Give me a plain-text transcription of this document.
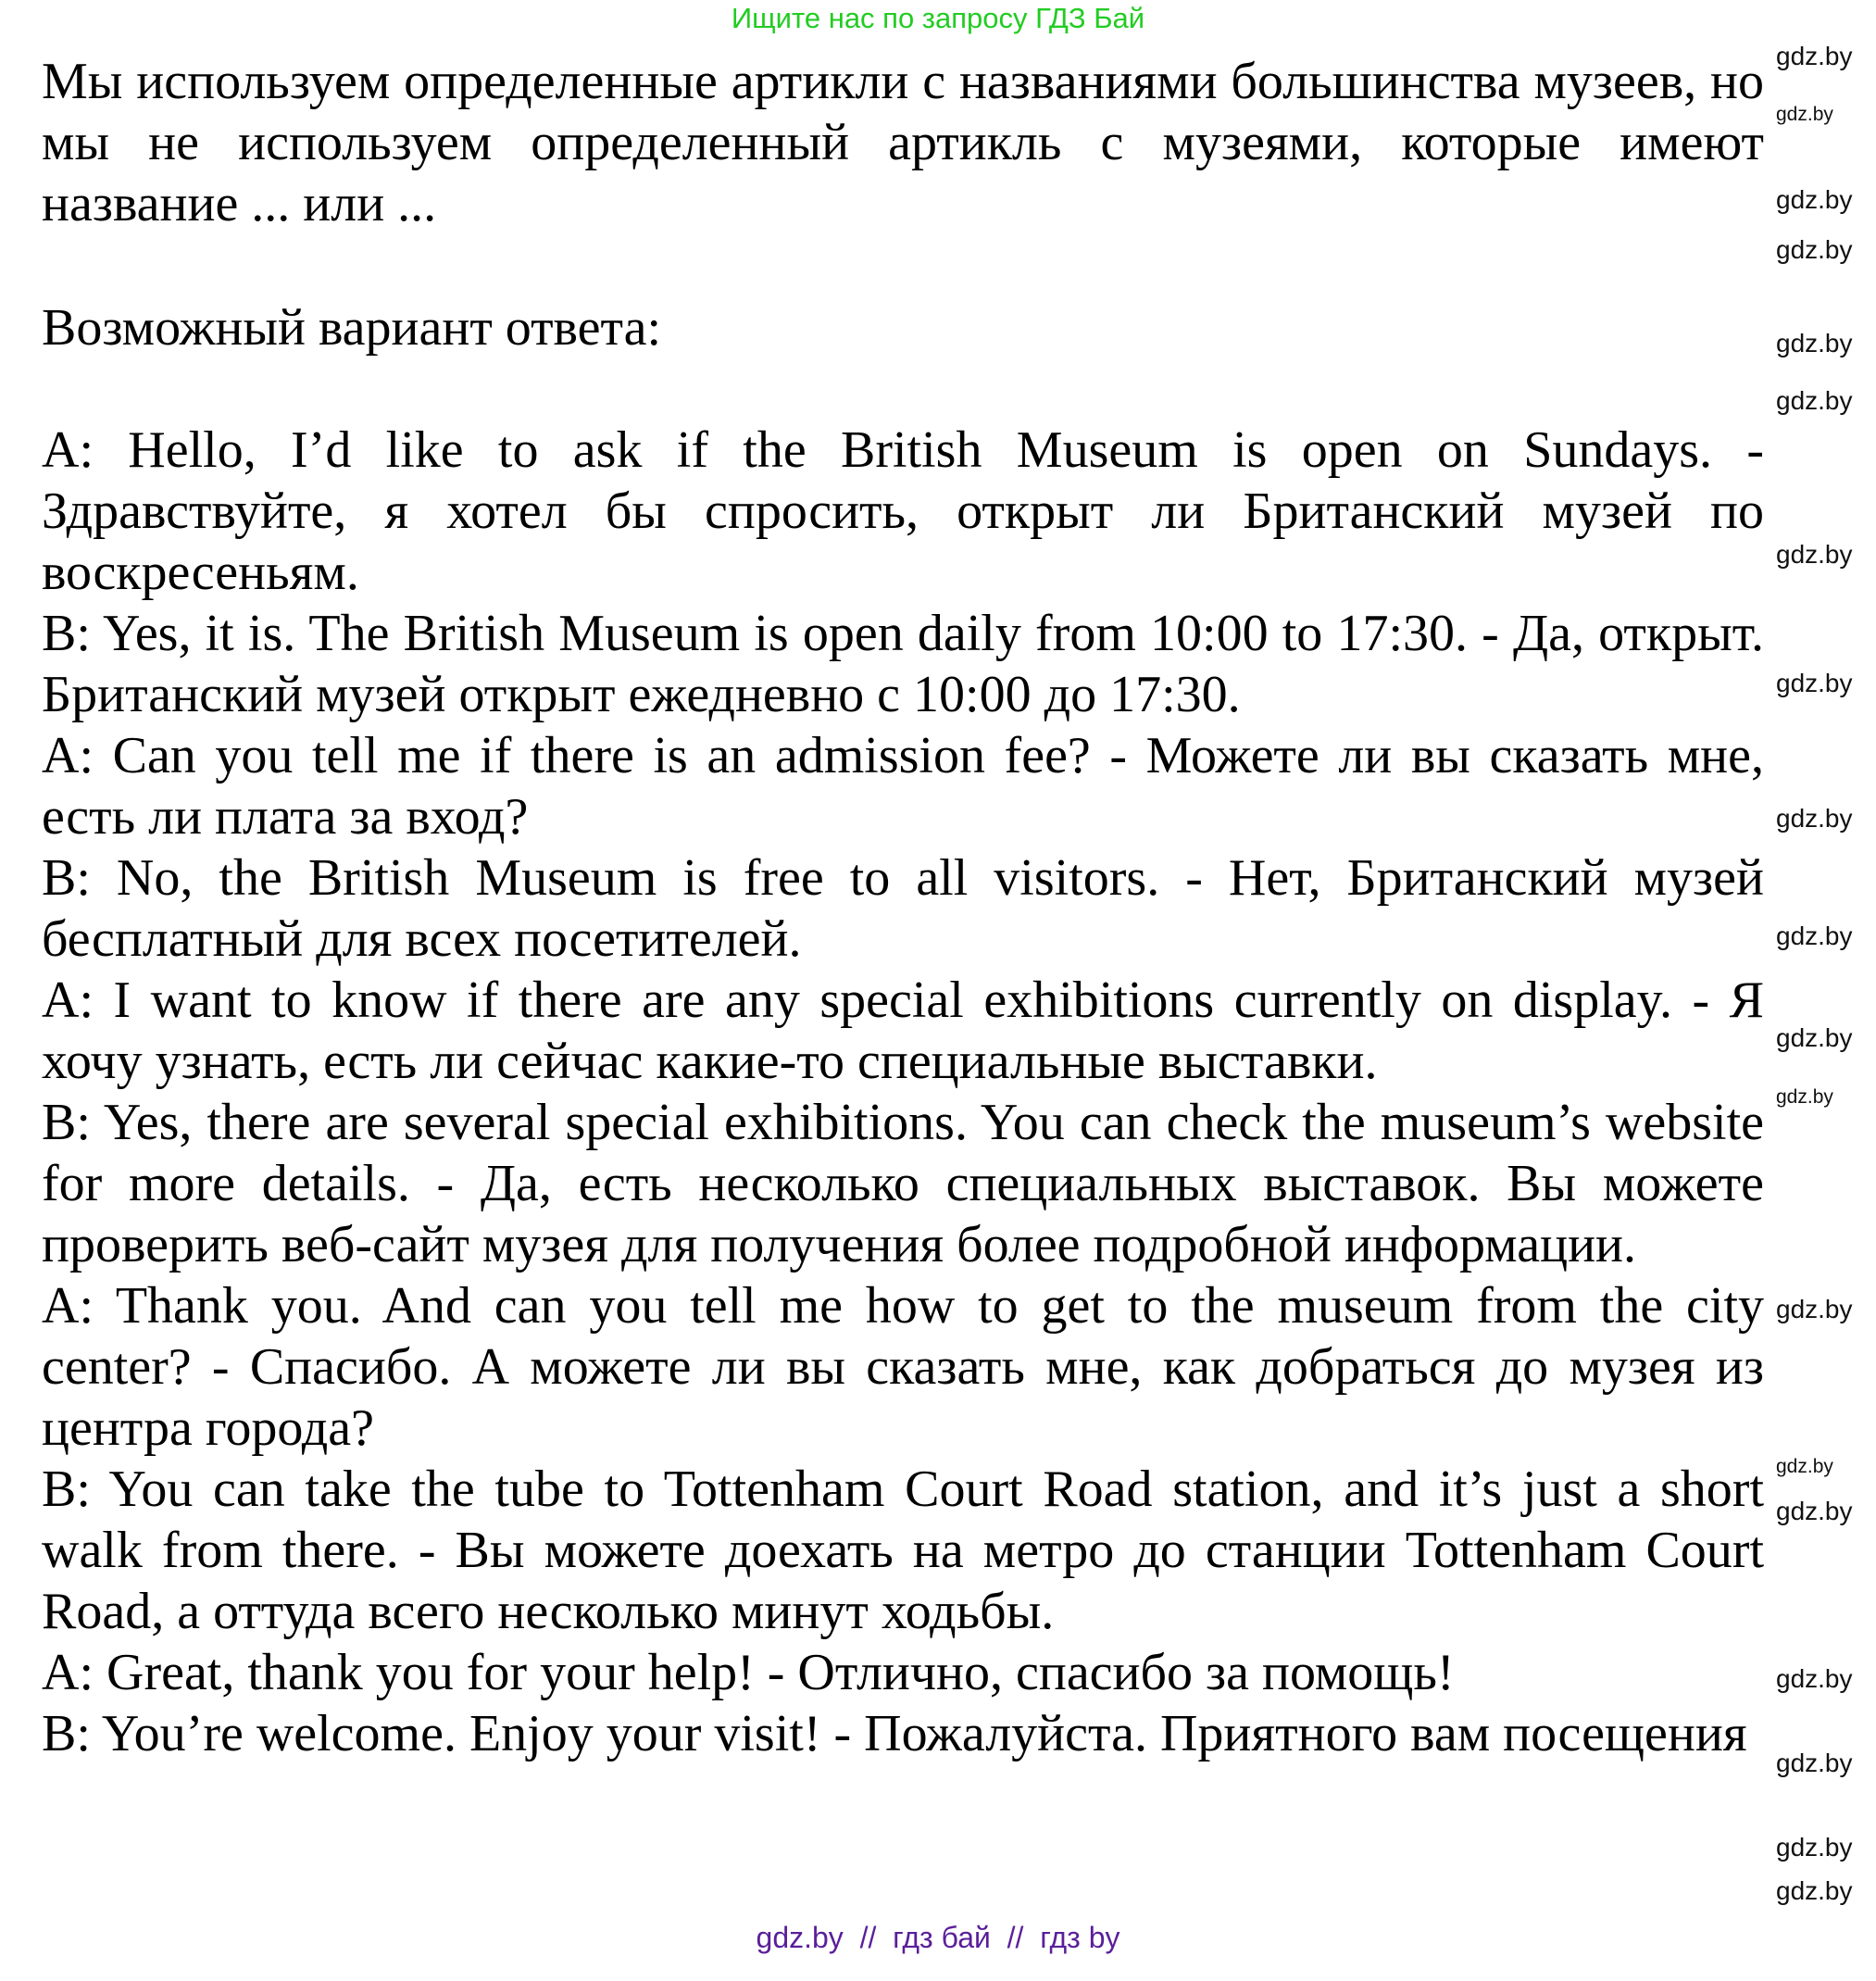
Ищите нас по запросу ГДЗ Бай
Мы используем определенные артикли с названиями большинства музеев, но мы не используем определенный артикль с музеями, которые имеют название ... или ...
Возможный вариант ответа:

A: Hello, I’d like to ask if the British Museum is open on Sundays. - Здравствуйте, я хотел бы спросить, открыт ли Британский музей по воскресеньям.

B: Yes, it is. The British Museum is open daily from 10:00 to 17:30. - Да, открыт. Британский музей открыт ежедневно с 10:00 до 17:30.

A: Can you tell me if there is an admission fee? - Можете ли вы сказать мне, есть ли плата за вход?

B: No, the British Museum is free to all visitors. - Нет, Британский музей бесплатный для всех посетителей.

A: I want to know if there are any special exhibitions currently on display. - Я хочу узнать, есть ли сейчас какие-то специальные выставки.

B: Yes, there are several special exhibitions. You can check the museum’s website for more details. - Да, есть несколько специальных выставок. Вы можете проверить веб-сайт музея для получения более подробной информации.

A: Thank you. And can you tell me how to get to the museum from the city center? - Спасибо. А можете ли вы сказать мне, как добраться до музея из центра города?

B: You can take the tube to Tottenham Court Road station, and it’s just a short walk from there. - Вы можете доехать на метро до станции Tottenham Court Road, а оттуда всего несколько минут ходьбы.

A: Great, thank you for your help! - Отлично, спасибо за помощь!

B: You’re welcome. Enjoy your visit! - Пожалуйста. Приятного вам посещения

gdz.by
gdz.by
gdz.by
gdz.by
gdz.by
gdz.by
gdz.by
gdz.by
gdz.by
gdz.by
gdz.by
gdz.by
gdz.by
gdz.by
gdz.by
gdz.by
gdz.by
gdz.by
gdz.by
gdz.by  //  гдз бай  //  гдз by
